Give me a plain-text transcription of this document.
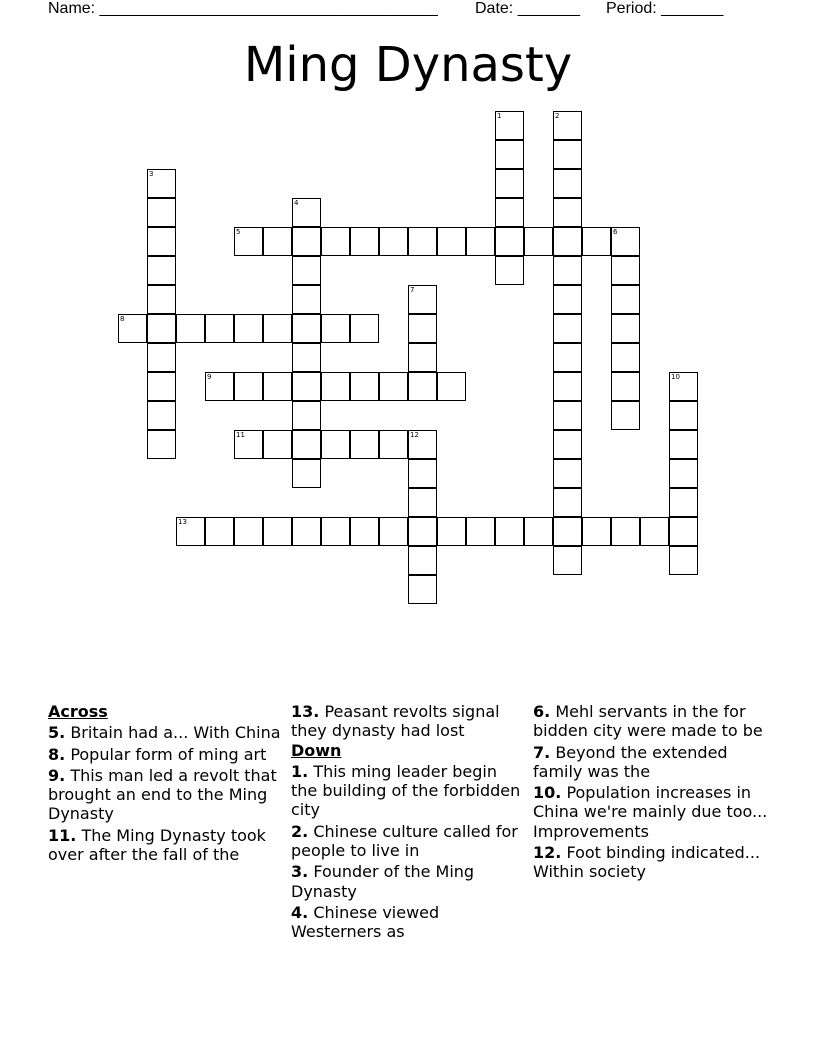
Name: ______________________________________ Date: _______ Period: _______
Ming Dynasty
1	2
3
4
5	6
7
8
9	10
11	12
13
Across
5. Britain had a... With China
8. Popular form of ming art
9. This man led a revolt that brought an end to the Ming Dynasty
11. The Ming Dynasty took over after the fall of the
13. Peasant revolts signal they dynasty had lost
Down
1. This ming leader begin the building of the forbidden city
2. Chinese culture called for people to live in
3. Founder of the Ming Dynasty
4. Chinese viewed Westerners as
6. Mehl servants in the for bidden city were made to be
7. Beyond the extended family was the
10. Population increases in China we're mainly due too... Improvements
12. Foot binding indicated... Within society
